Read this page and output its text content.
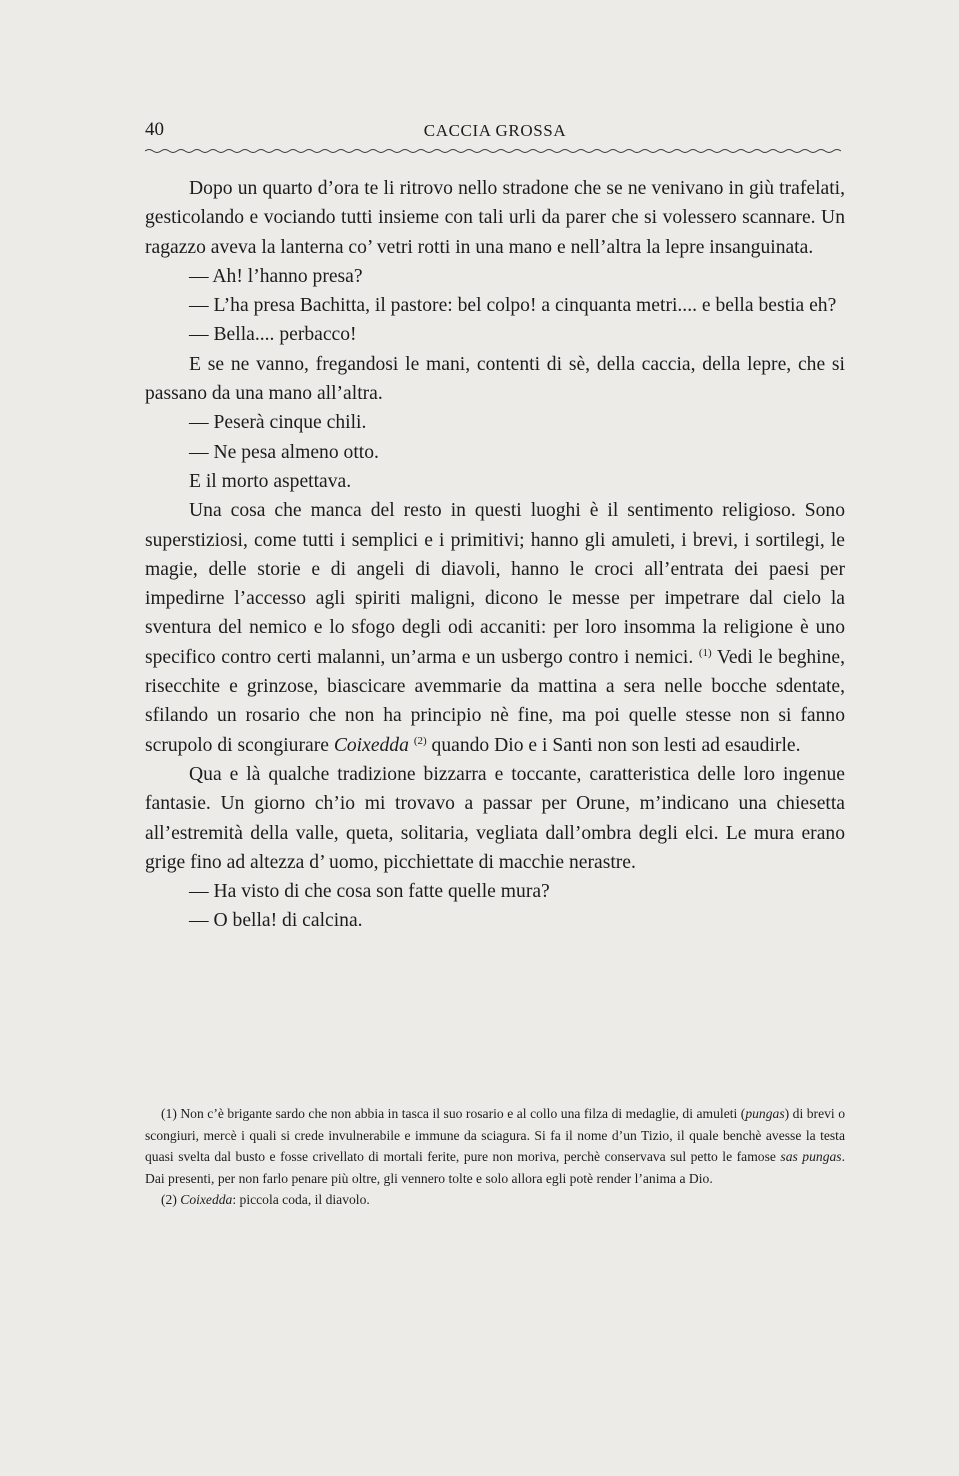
40	CACCIA GROSSA

Dopo un quarto d’ora te li ritrovo nello stradone che se ne venivano in giù trafelati, gesticolando e vociando tutti insieme con tali urli da parer che si volessero scannare. Un ragazzo aveva la lanterna co’ vetri rotti in una mano e nell’altra la lepre insanguinata.

— Ah! l’hanno presa?

— L’ha presa Bachitta, il pastore: bel colpo! a cinquanta metri.... e bella bestia eh?

— Bella.... perbacco!

E se ne vanno, fregandosi le mani, contenti di sè, della caccia, della lepre, che si passano da una mano all’altra.

— Peserà cinque chili.

— Ne pesa almeno otto.

E il morto aspettava.

Una cosa che manca del resto in questi luoghi è il sentimento religioso. Sono superstiziosi, come tutti i semplici e i primitivi; hanno gli amuleti, i brevi, i sortilegi, le magie, delle storie e di angeli di diavoli, hanno le croci all’entrata dei paesi per impedirne l’accesso agli spiriti maligni, dicono le messe per impetrare dal cielo la sventura del nemico e lo sfogo degli odi accaniti: per loro insomma la religione è uno specifico contro certi malanni, un’arma e un usbergo contro i nemici. $^{(1)}$ Vedi le beghine, risecchite e grinzose, biascicare avemmarie da mattina a sera nelle bocche sdentate, sfilando un rosario che non ha principio nè fine, ma poi quelle stesse non si fanno scrupolo di scongiurare Coixedda $^{(2)}$ quando Dio e i Santi non son lesti ad esaudirle.

Qua e là qualche tradizione bizzarra e toccante, caratteristica delle loro ingenue fantasie. Un giorno ch’io mi trovavo a passar per Orune, m’indicano una chiesetta all’estremità della valle, queta, solitaria, vegliata dall’ombra degli elci. Le mura erano grige fino ad altezza d’ uomo, picchiettate di macchie nerastre.

— Ha visto di che cosa son fatte quelle mura?

— O bella! di calcina.

(1) Non c’è brigante sardo che non abbia in tasca il suo rosario e al collo una filza di medaglie, di amuleti (pungas) di brevi o scongiuri, mercè i quali si crede invulnerabile e immune da sciagura. Si fa il nome d’un Tizio, il quale benchè avesse la testa quasi svelta dal busto e fosse crivellato di mortali ferite, pure non moriva, perchè conservava sul petto le famose sas pungas. Dai presenti, per non farlo penare più oltre, gli vennero tolte e solo allora egli potè render l’anima a Dio.

(2) Coixedda: piccola coda, il diavolo.
